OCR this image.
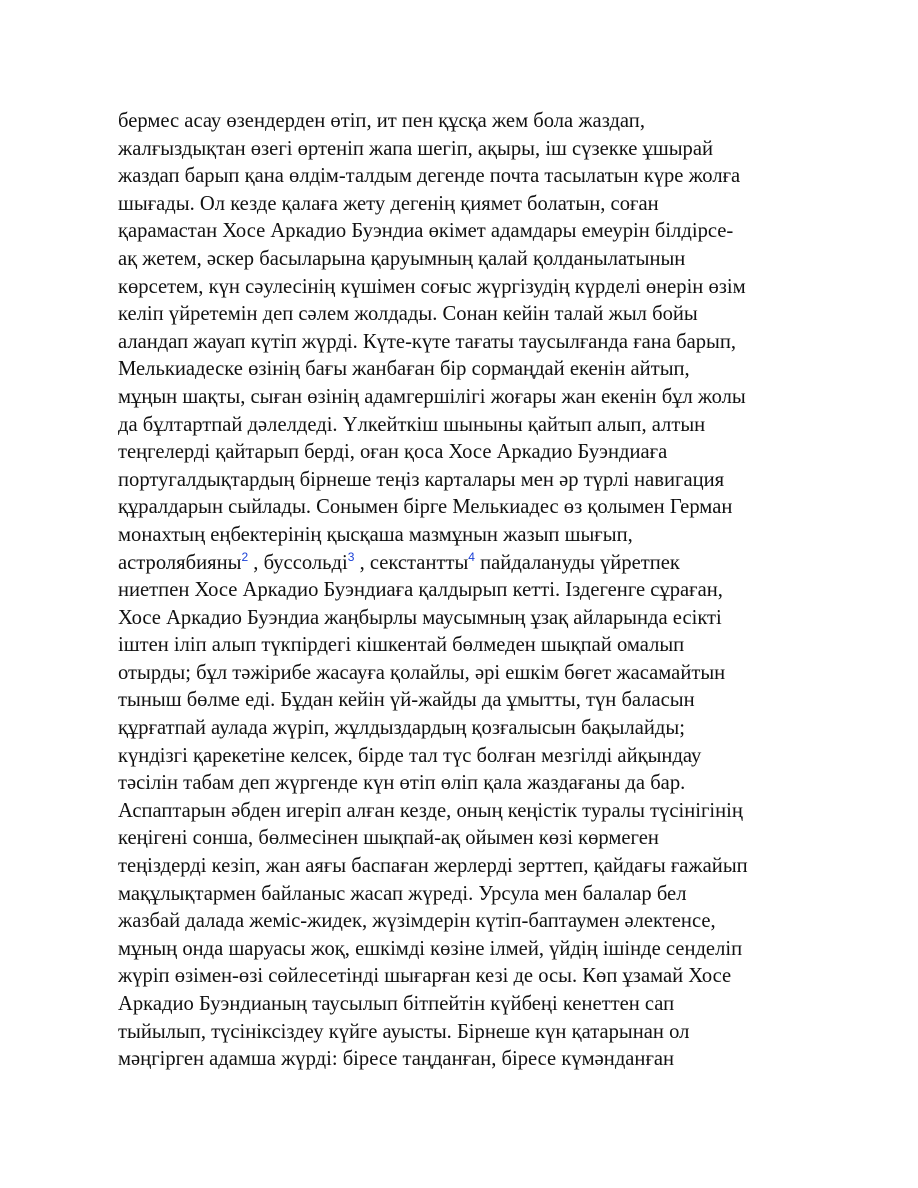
бермес асау өзендерден өтіп, ит пен құсқа жем бола жаздап,
жалғыздықтан өзегі өртеніп жапа шегіп, ақыры, іш сүзекке ұшырай
жаздап барып қана өлдім-талдым дегенде почта тасылатын күре жолға
шығады. Ол кезде қалаға жету дегенің қиямет болатын, соған
қарамастан Хосе Аркадио Буэндиа өкімет адамдары емеурін білдірсе-
ақ жетем, әскер басыларына қаруымның қалай қолданылатынын
көрсетем, күн сәулесінің күшімен соғыс жүргізудің күрделі өнерін өзім
келіп үйретемін деп сәлем жолдады. Сонан кейін талай жыл бойы
аландап жауап күтіп жүрді. Күте-күте тағаты таусылғанда ғана барып,
Мелькиадеске өзінің бағы жанбаған бір сормаңдай екенін айтып,
мұңын шақты, сыған өзінің адамгершілігі жоғары жан екенін бұл жолы
да бұлтартпай дәлелдеді. Үлкейткіш шыныны қайтып алып, алтын
теңгелерді қайтарып берді, оған қоса Хосе Аркадио Буэндиаға
португалдықтардың бірнеше теңіз карталары мен әр түрлі навигация
құралдарын сыйлады. Сонымен бірге Мелькиадес өз қолымен Герман
монахтың еңбектерінің қысқаша мазмұнын жазып шығып,
астролябияны$^2$ , буссольді$^3$ , секстантты$^4$ пайдалануды үйретпек
ниетпен Хосе Аркадио Буэндиаға қалдырып кетті. Іздегенге сұраған,
Хосе Аркадио Буэндиа жаңбырлы маусымның ұзақ айларында есікті
іштен іліп алып түкпірдегі кішкентай бөлмеден шықпай омалып
отырды; бұл тәжірибе жасауға қолайлы, әрі ешкім бөгет жасамайтын
тыныш бөлме еді. Бұдан кейін үй-жайды да ұмытты, түн баласын
құрғатпай аулада жүріп, жұлдыздардың қозғалысын бақылайды;
күндізгі қарекетіне келсек, бірде тал түс болған мезгілді айқындау
тәсілін табам деп жүргенде күн өтіп өліп қала жаздағаны да бар.
Аспаптарын әбден игеріп алған кезде, оның кеңістік туралы түсінігінің
кеңігені сонша, бөлмесінен шықпай-ақ ойымен көзі көрмеген
теңіздерді кезіп, жан аяғы баспаған жерлерді зерттеп, қайдағы ғажайып
мақұлықтармен байланыс жасап жүреді. Урсула мен балалар бел
жазбай далада жеміс-жидек, жүзімдерін күтіп-баптаумен әлектенсе,
мұның онда шаруасы жоқ, ешкімді көзіне ілмей, үйдің ішінде сенделіп
жүріп өзімен-өзі сөйлесетінді шығарған кезі де осы. Көп ұзамай Хосе
Аркадио Буэндианың таусылып бітпейтін күйбеңі кенеттен сап
тыйылып, түсініксіздеу күйге ауысты. Бірнеше күн қатарынан ол
мәңгірген адамша жүрді: біресе таңданған, біресе күмәнданған
